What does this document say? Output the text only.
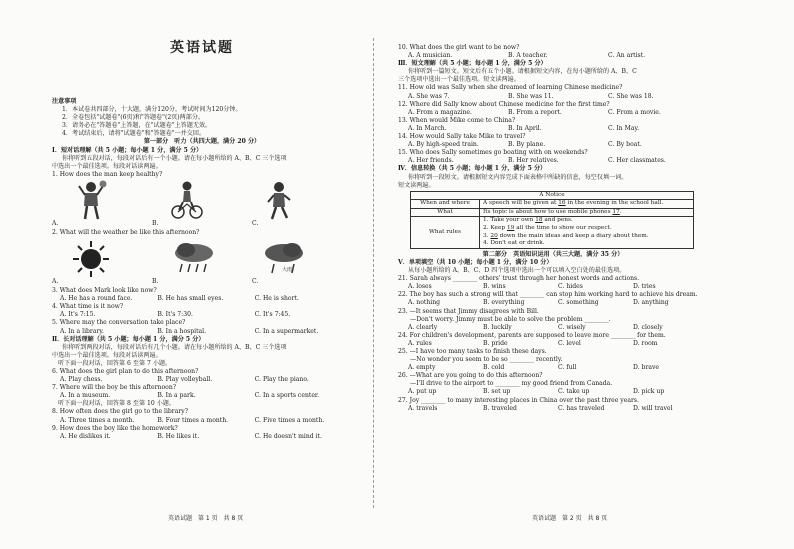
英语试题
注意事项
1．本试卷共四部分，十大题，满分120分，考试时间为120分钟。
2．全卷包括"试题卷"(6页)和"答题卷"(2页)两部分。
3．请务必在"答题卷"上答题，在"试题卷"上答题无效。
4．考试结束后，请将"试题卷"和"答题卷"一并交回。
第一部分　听力（共四大题，满分 20 分）
Ⅰ．短对话理解（共 5 小题；每小题 1 分，满分 5 分）
你将听到五段对话，每段对话后有一个小题。请在每小题所给的 A、B、C 三个选项
中选出一个最佳选项。每段对话读两遍。
1. How does the man keep healthy?
A.	B.	C.
2. What will the weather be like this afternoon?
A.	B.
大雨
C.
3. What does Mark look like now?
A. He has a round face.	B. He has small eyes.	C. He is short.
4. What time is it now?
A. It's 7:15.	B. It's 7:30.	C. It's 7:45.
5. Where may the conversation take place?
A. In a library.	B. In a hospital.	C. In a supermarket.
Ⅱ．长对话理解（共 5 小题；每小题 1 分，满分 5 分）
你将听到两段对话，每段对话后有几个小题。请在每小题所给的 A、B、C 三个选项
中选出一个最佳选项。每段对话读两遍。
　听下面一段对话，回答第 6 至第 7 小题。
6. What does the girl plan to do this afternoon?
A. Play chess.	B. Play volleyball.	C. Play the piano.
7. Where will the boy be this afternoon?
A. In a museum.	B. In a park.	C. In a sports center.
　听下面一段对话，回答第 8 至第 10 小题。
8. How often does the girl go to the library?
A. Three times a month.	B. Four times a month.	C. Five times a month.
9. How does the boy like the homework?
A. He dislikes it.	B. He likes it.	C. He doesn't mind it.
英语试题　第 1 页　共 8 页
10. What does the girl want to be now?
A. A musician.	B. A teacher.	C. An artist.
Ⅲ．短文理解（共 5 小题；每小题 1 分，满分 5 分）
你将听到一篇短文。短文后有五个小题。请根据短文内容，在每小题所给的 A、B、C
三个选项中选出一个最佳选项。短文读两遍。
11. How old was Sally when she dreamed of learning Chinese medicine?
A. She was 7.	B. She was 11.	C. She was 18.
12. Where did Sally know about Chinese medicine for the first time?
A. From a magazine.	B. From a report.	C. From a movie.
13. When would Mike come to China?
A. In March.	B. In April.	C. In May.
14. How would Sally take Mike to travel?
A. By high-speed train.	B. By plane.	C. By boat.
15. Who does Sally sometimes go boating with on weekends?
A. Her friends.	B. Her relatives.	C. Her classmates.
Ⅳ．信息转换（共 5 小题；每小题 1 分，满分 5 分）
你将听到一段短文。请根据短文内容完成下面表格中所缺的信息，每空仅填一词。
短文读两遍。
A Notice	
When and where	A speech will be given at 16 in the evening in the school hall.
What	Its topic is about how to use mobile phones 17.
What rules	1. Take your own 18 and pens.
2. Keep 19 all the time to show our respect.
3. 20 down the main ideas and keep a diary about them.
4. Don't eat or drink.
第二部分　英语知识运用（共三大题，满分 35 分）
Ⅴ．单项填空（共 10 小题；每小题 1 分，满分 10 分）
从每小题所给的 A、B、C、D 四个选项中选出一个可以填入空白处的最佳选项。
21. Sarah always ________ others' trust through her honest words and actions.
A. loses	B. wins	C. hides	D. tries
22. The boy has such a strong will that ________ can stop him working hard to achieve his dream.
A. nothing	B. everything	C. something	D. anything
23. —It seems that Jimmy disagrees with Bill.
　　—Don't worry. Jimmy must be able to solve the problem ________.
A. clearly	B. luckily	C. wisely	D. closely
24. For children's development, parents are supposed to leave more ________ for them.
A. rules	B. pride	C. level	D. room
25. —I have too many tasks to finish these days.
　　—No wonder you seem to be so ________ recently.
A. empty	B. cold	C. full	D. brave
26. —What are you going to do this afternoon?
　　—I'll drive to the airport to ________ my good friend from Canada.
A. put up	B. set up	C. take up	D. pick up
27. Joy ________ to many interesting places in China over the past three years.
A. travels	B. traveled	C. has traveled	D. will travel
英语试题　第 2 页　共 8 页
